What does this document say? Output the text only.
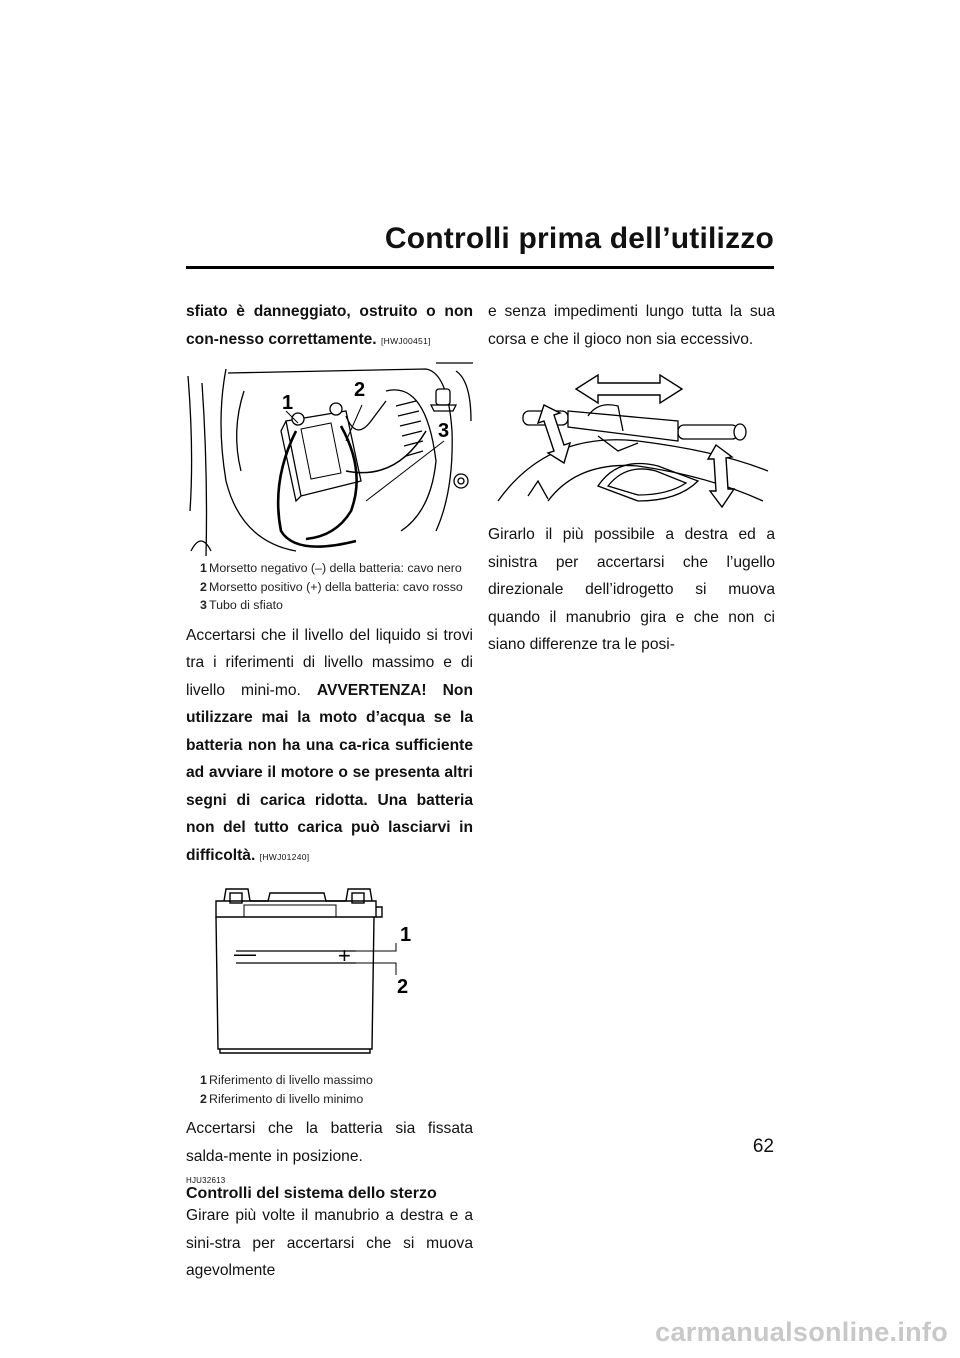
Controlli prima dell’utilizzo

sfiato è danneggiato, ostruito o non con-nesso correttamente. [HWJ00451]

1
2
3
1 Morsetto negativo (–) della batteria: cavo nero
2 Morsetto positivo (+) della batteria: cavo rosso
3 Tubo di sfiato

Accertarsi che il livello del liquido si trovi tra i riferimenti di livello massimo e di livello mini-mo. AVVERTENZA! Non utilizzare mai la moto d’acqua se la batteria non ha una ca-rica sufficiente ad avviare il motore o se presenta altri segni di carica ridotta. Una batteria non del tutto carica può lasciarvi in difficoltà. [HWJ01240]

—	+
1
2
1 Riferimento di livello massimo
2 Riferimento di livello minimo

Accertarsi che la batteria sia fissata salda-mente in posizione.

HJU32613
Controlli del sistema dello sterzo

Girare più volte il manubrio a destra e a sini-stra per accertarsi che si muova agevolmente

e senza impedimenti lungo tutta la sua corsa e che il gioco non sia eccessivo.

Girarlo il più possibile a destra ed a sinistra per accertarsi che l’ugello direzionale dell’idrogetto si muova quando il manubrio gira e che non ci siano differenze tra le posi-

62
carmanualsonline.info
